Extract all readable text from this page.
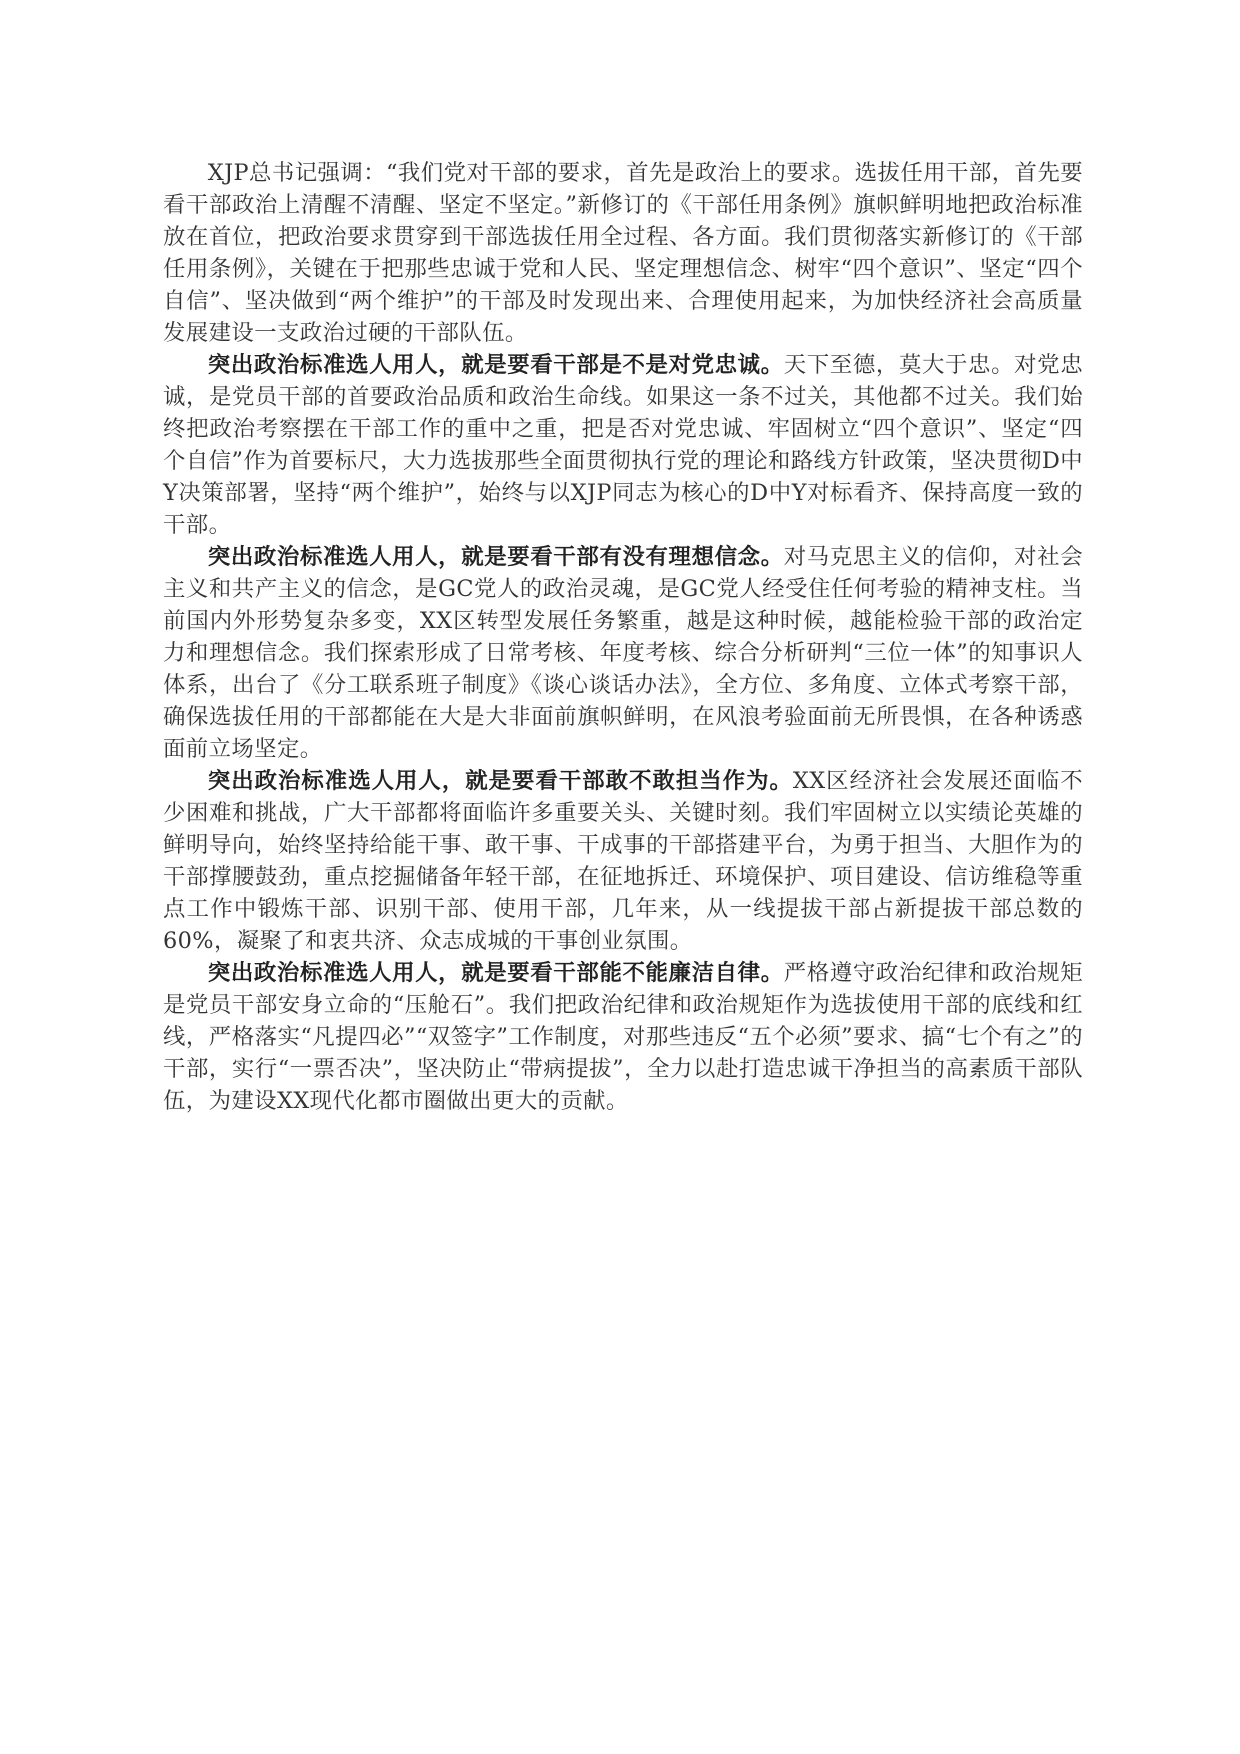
XJP总书记强调：“我们党对干部的要求，首先是政治上的要求。选拔任用干部，首先要看干部政治上清醒不清醒、坚定不坚定。”新修订的《干部任用条例》旗帜鲜明地把政治标准放在首位，把政治要求贯穿到干部选拔任用全过程、各方面。我们贯彻落实新修订的《干部任用条例》，关键在于把那些忠诚于党和人民、坚定理想信念、树牢“四个意识”、坚定“四个自信”、坚决做到“两个维护”的干部及时发现出来、合理使用起来，为加快经济社会高质量发展建设一支政治过硬的干部队伍。

突出政治标准选人用人，就是要看干部是不是对党忠诚。天下至德，莫大于忠。对党忠诚，是党员干部的首要政治品质和政治生命线。如果这一条不过关，其他都不过关。我们始终把政治考察摆在干部工作的重中之重，把是否对党忠诚、牢固树立“四个意识”、坚定“四个自信”作为首要标尺，大力选拔那些全面贯彻执行党的理论和路线方针政策，坚决贯彻D中Y决策部署，坚持“两个维护”，始终与以XJP同志为核心的D中Y对标看齐、保持高度一致的干部。

突出政治标准选人用人，就是要看干部有没有理想信念。对马克思主义的信仰，对社会主义和共产主义的信念，是GC党人的政治灵魂，是GC党人经受住任何考验的精神支柱。当前国内外形势复杂多变，XX区转型发展任务繁重，越是这种时候，越能检验干部的政治定力和理想信念。我们探索形成了日常考核、年度考核、综合分析研判“三位一体”的知事识人体系，出台了《分工联系班子制度》《谈心谈话办法》，全方位、多角度、立体式考察干部，确保选拔任用的干部都能在大是大非面前旗帜鲜明，在风浪考验面前无所畏惧，在各种诱惑面前立场坚定。

突出政治标准选人用人，就是要看干部敢不敢担当作为。XX区经济社会发展还面临不少困难和挑战，广大干部都将面临许多重要关头、关键时刻。我们牢固树立以实绩论英雄的鲜明导向，始终坚持给能干事、敢干事、干成事的干部搭建平台，为勇于担当、大胆作为的干部撑腰鼓劲，重点挖掘储备年轻干部，在征地拆迁、环境保护、项目建设、信访维稳等重点工作中锻炼干部、识别干部、使用干部，几年来，从一线提拔干部占新提拔干部总数的60%，凝聚了和衷共济、众志成城的干事创业氛围。

突出政治标准选人用人，就是要看干部能不能廉洁自律。严格遵守政治纪律和政治规矩是党员干部安身立命的“压舱石”。我们把政治纪律和政治规矩作为选拔使用干部的底线和红线，严格落实“凡提四必”“双签字”工作制度，对那些违反“五个必须”要求、搞“七个有之”的干部，实行“一票否决”，坚决防止“带病提拔”，全力以赴打造忠诚干净担当的高素质干部队伍，为建设XX现代化都市圈做出更大的贡献。
